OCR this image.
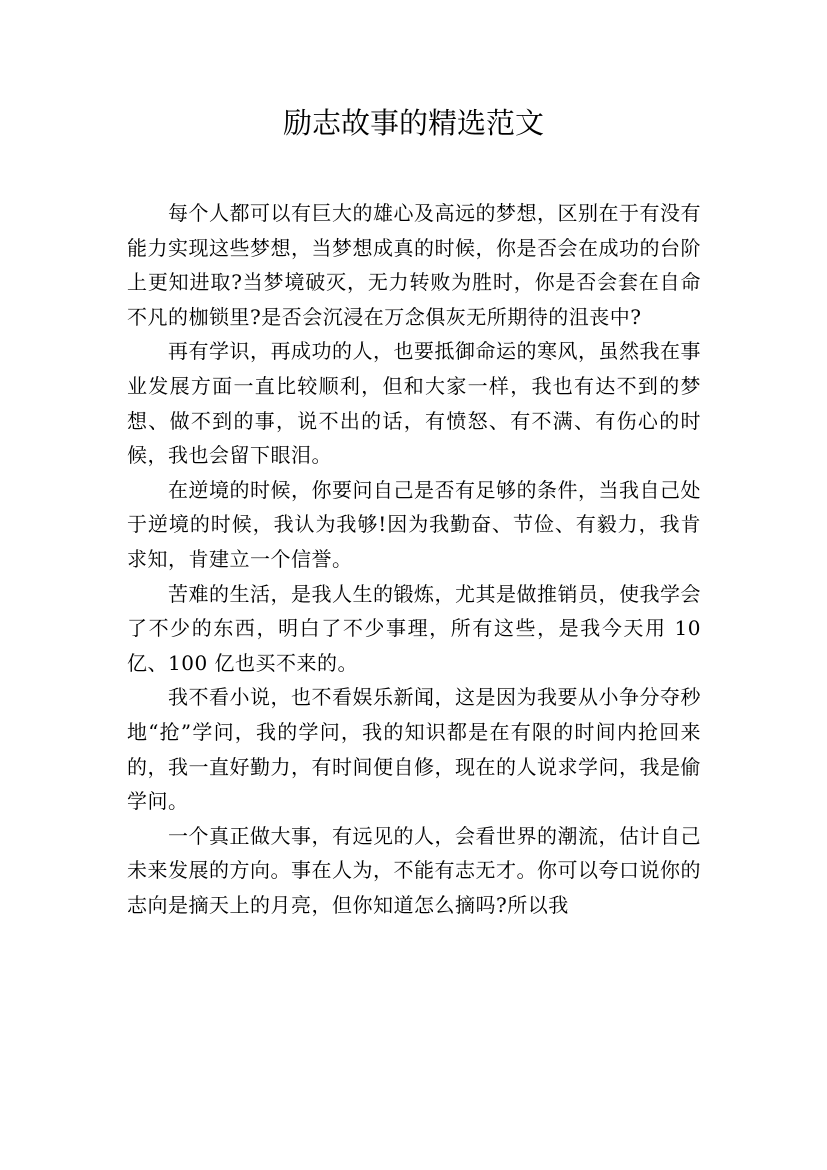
励志故事的精选范文

每个人都可以有巨大的雄心及高远的梦想，区别在于有没有能力实现这些梦想，当梦想成真的时候，你是否会在成功的台阶上更知进取?当梦境破灭，无力转败为胜时，你是否会套在自命不凡的枷锁里?是否会沉浸在万念俱灰无所期待的沮丧中?

再有学识，再成功的人，也要抵御命运的寒风，虽然我在事业发展方面一直比较顺利，但和大家一样，我也有达不到的梦想、做不到的事，说不出的话，有愤怒、有不满、有伤心的时候，我也会留下眼泪。

在逆境的时候，你要问自己是否有足够的条件，当我自己处于逆境的时候，我认为我够!因为我勤奋、节俭、有毅力，我肯求知，肯建立一个信誉。

苦难的生活，是我人生的锻炼，尤其是做推销员，使我学会了不少的东西，明白了不少事理，所有这些，是我今天用 10 亿、100 亿也买不来的。

我不看小说，也不看娱乐新闻，这是因为我要从小争分夺秒地“抢”学问，我的学问，我的知识都是在有限的时间内抢回来的，我一直好勤力，有时间便自修，现在的人说求学问，我是偷学问。

一个真正做大事，有远见的人，会看世界的潮流，估计自己未来发展的方向。事在人为，不能有志无才。你可以夸口说你的志向是摘天上的月亮，但你知道怎么摘吗?所以我
